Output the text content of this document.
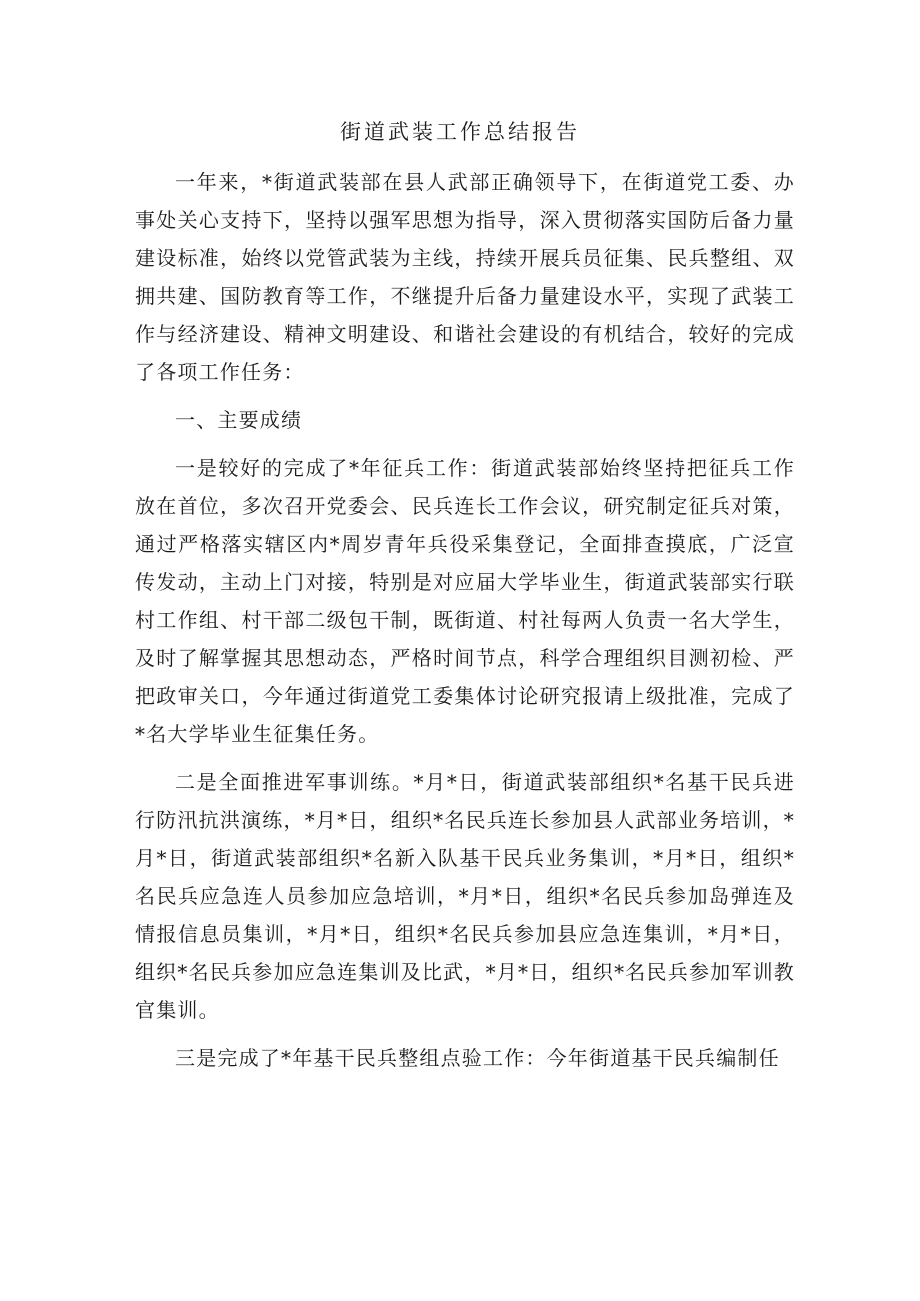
街道武装工作总结报告

一年来，*街道武装部在县人武部正确领导下，在街道党工委、办事处关心支持下，坚持以强军思想为指导，深入贯彻落实国防后备力量建设标准，始终以党管武装为主线，持续开展兵员征集、民兵整组、双拥共建、国防教育等工作，不继提升后备力量建设水平，实现了武装工作与经济建设、精神文明建设、和谐社会建设的有机结合，较好的完成了各项工作任务：

一、主要成绩

一是较好的完成了*年征兵工作：街道武装部始终坚持把征兵工作放在首位，多次召开党委会、民兵连长工作会议，研究制定征兵对策，通过严格落实辖区内*周岁青年兵役采集登记，全面排查摸底，广泛宣传发动，主动上门对接，特别是对应届大学毕业生，街道武装部实行联村工作组、村干部二级包干制，既街道、村社每两人负责一名大学生，及时了解掌握其思想动态，严格时间节点，科学合理组织目测初检、严把政审关口，今年通过街道党工委集体讨论研究报请上级批准，完成了*名大学毕业生征集任务。

二是全面推进军事训练。*月*日，街道武装部组织*名基干民兵进行防汛抗洪演练，*月*日，组织*名民兵连长参加县人武部业务培训，*月*日，街道武装部组织*名新入队基干民兵业务集训，*月*日，组织*名民兵应急连人员参加应急培训，*月*日，组织*名民兵参加岛弹连及情报信息员集训，*月*日，组织*名民兵参加县应急连集训，*月*日，组织*名民兵参加应急连集训及比武，*月*日，组织*名民兵参加军训教官集训。

三是完成了*年基干民兵整组点验工作：今年街道基干民兵编制任
